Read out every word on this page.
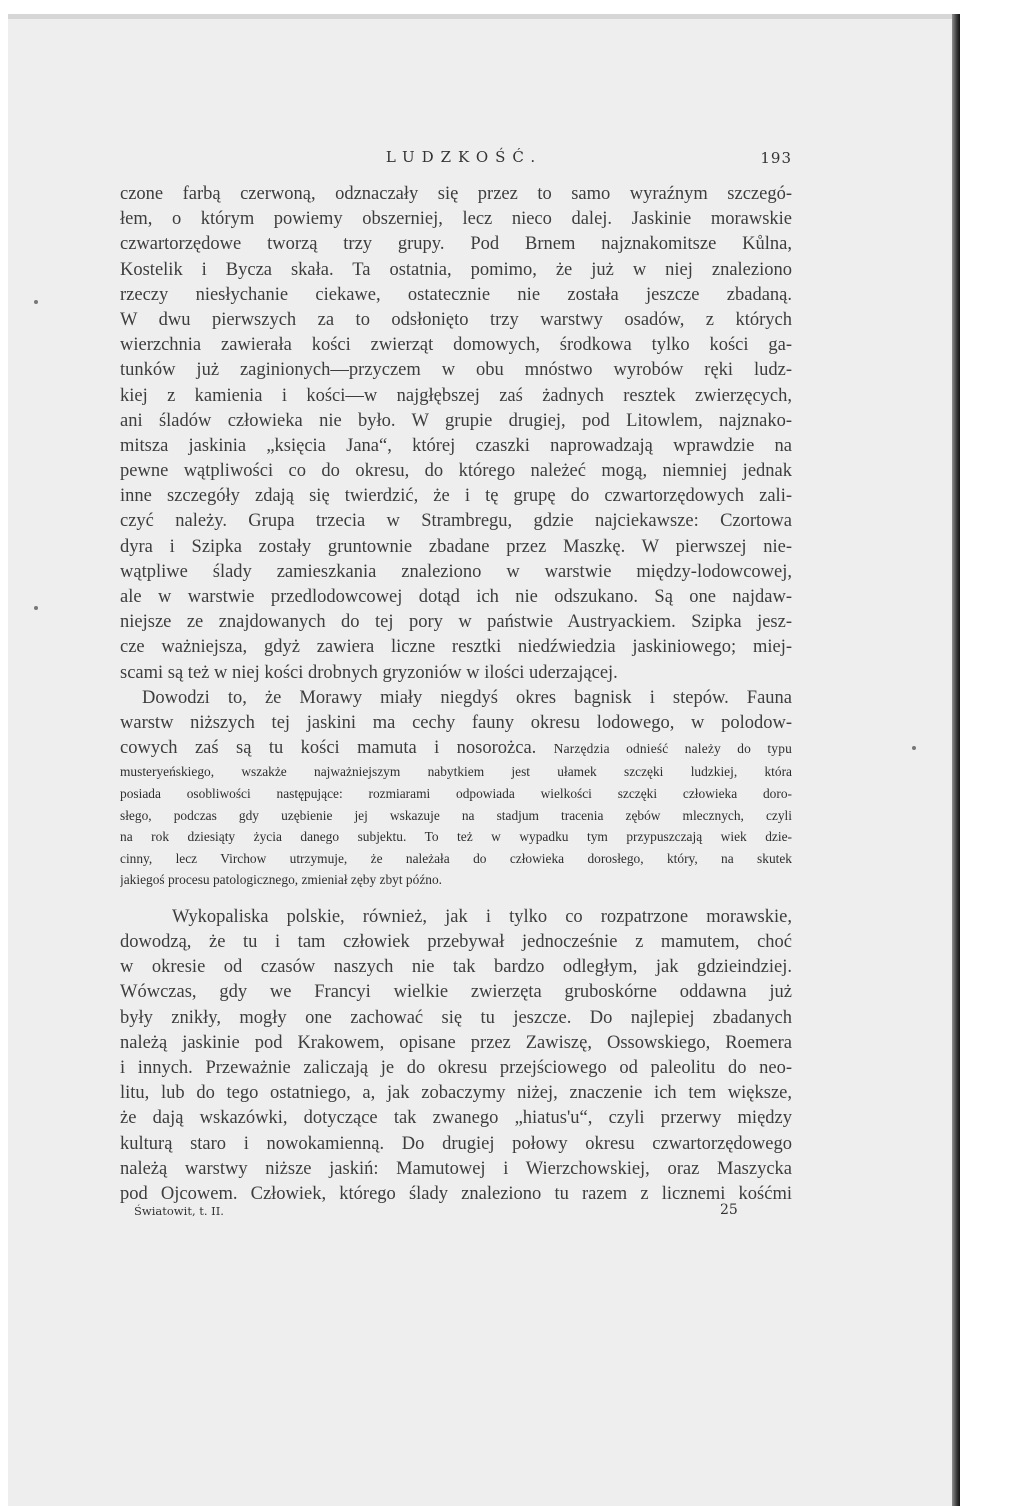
LUDZKOŚĆ.	193
czone farbą czerwoną, odznaczały się przez to samo wyraźnym szczegó-
łem, o którym powiemy obszerniej, lecz nieco dalej. Jaskinie morawskie
czwartorzędowe tworzą trzy grupy. Pod Brnem najznakomitsze Kůlna,
Kostelik i Bycza skała. Ta ostatnia, pomimo, że już w niej znaleziono
rzeczy niesłychanie ciekawe, ostatecznie nie została jeszcze zbadaną.
W dwu pierwszych za to odsłonięto trzy warstwy osadów, z których
wierzchnia zawierała kości zwierząt domowych, środkowa tylko kości ga-
tunków już zaginionych—przyczem w obu mnóstwo wyrobów ręki ludz-
kiej z kamienia i kości—w najgłębszej zaś żadnych resztek zwierzęcych,
ani śladów człowieka nie było. W grupie drugiej, pod Litowlem, najznako-
mitsza jaskinia „księcia Jana“, której czaszki naprowadzają wprawdzie na
pewne wątpliwości co do okresu, do którego należeć mogą, niemniej jednak
inne szczegóły zdają się twierdzić, że i tę grupę do czwartorzędowych zali-
czyć należy. Grupa trzecia w Strambregu, gdzie najciekawsze: Czortowa
dyra i Szipka zostały gruntownie zbadane przez Maszkę. W pierwszej nie-
wątpliwe ślady zamieszkania znaleziono w warstwie między-lodowcowej,
ale w warstwie przedlodowcowej dotąd ich nie odszukano. Są one najdaw-
niejsze ze znajdowanych do tej pory w państwie Austryackiem. Szipka jesz-
cze ważniejsza, gdyż zawiera liczne resztki niedźwiedzia jaskiniowego; miej-
scami są też w niej kości drobnych gryzoniów w ilości uderzającej.
Dowodzi to, że Morawy miały niegdyś okres bagnisk i stepów. Fauna
warstw niższych tej jaskini ma cechy fauny okresu lodowego, w polodow-
cowych zaś są tu kości mamuta i nosorożca. Narzędzia odnieść należy do typu
musteryeńskiego, wszakże najważniejszym nabytkiem jest ułamek szczęki ludzkiej, która
posiada osobliwości następujące: rozmiarami odpowiada wielkości szczęki człowieka doro-
słego, podczas gdy uzębienie jej wskazuje na stadjum tracenia zębów mlecznych, czyli
na rok dziesiąty życia danego subjektu. To też w wypadku tym przypuszczają wiek dzie-
cinny, lecz Virchow utrzymuje, że należała do człowieka dorosłego, który, na skutek
jakiegoś procesu patologicznego, zmieniał zęby zbyt późno.
Wykopaliska polskie, również, jak i tylko co rozpatrzone morawskie,
dowodzą, że tu i tam człowiek przebywał jednocześnie z mamutem, choć
w okresie od czasów naszych nie tak bardzo odległym, jak gdzieindziej.
Wówczas, gdy we Francyi wielkie zwierzęta gruboskórne oddawna już
były znikły, mogły one zachować się tu jeszcze. Do najlepiej zbadanych
należą jaskinie pod Krakowem, opisane przez Zawiszę, Ossowskiego, Roemera
i innych. Przeważnie zaliczają je do okresu przejściowego od paleolitu do neo-
litu, lub do tego ostatniego, a, jak zobaczymy niżej, znaczenie ich tem większe,
że dają wskazówki, dotyczące tak zwanego „hiatus'u“, czyli przerwy między
kulturą staro i nowokamienną. Do drugiej połowy okresu czwartorzędowego
należą warstwy niższe jaskiń: Mamutowej i Wierzchowskiej, oraz Maszycka
pod Ojcowem. Człowiek, którego ślady znaleziono tu razem z licznemi kośćmi
Światowit, t. II.	25
